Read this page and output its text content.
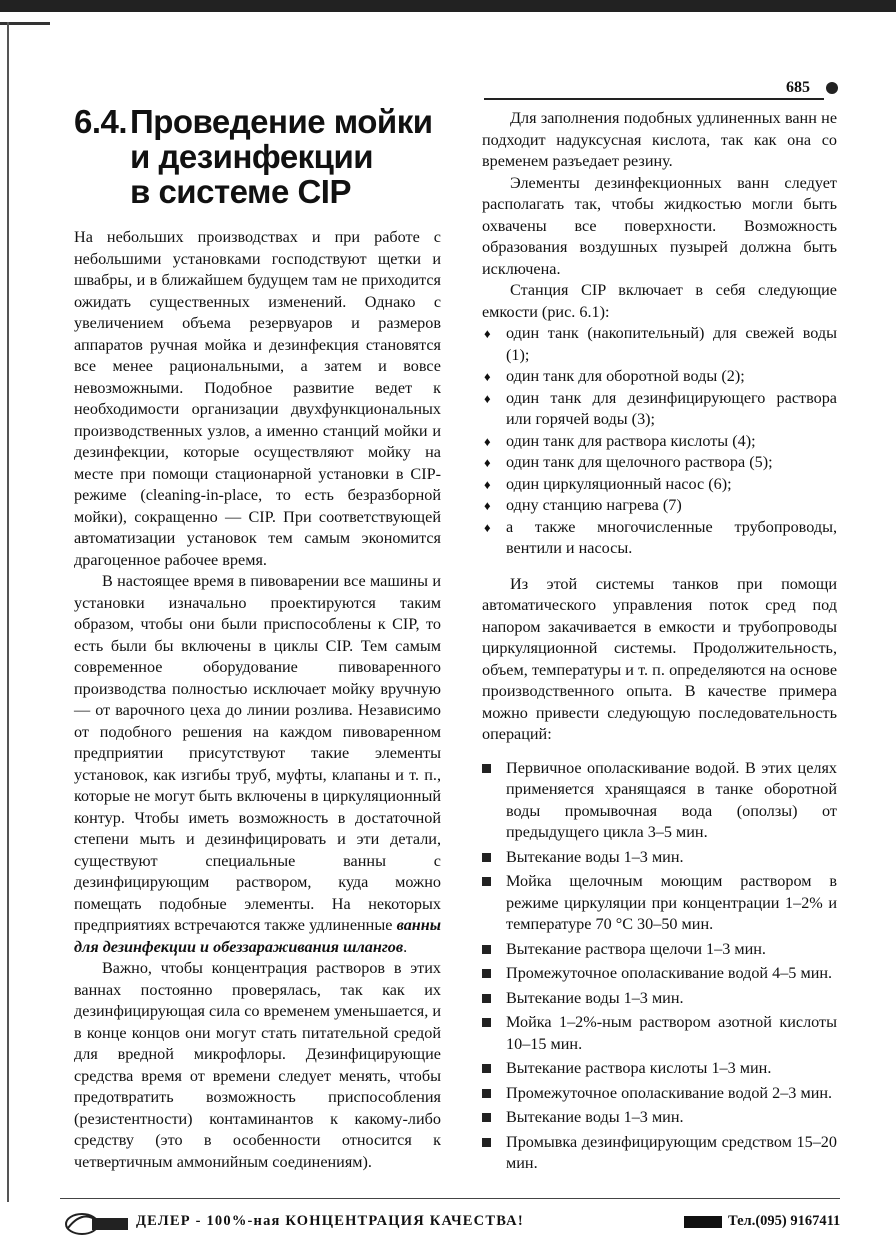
685
6.4.Проведение мойки
и дезинфекции
в системе CIP

На небольших производствах и при работе с небольшими установками господствуют щетки и швабры, и в ближайшем будущем там не приходится ожидать существенных изменений. Однако с увеличением объема резервуаров и размеров аппаратов ручная мойка и дезинфекция становятся все менее рациональными, а затем и вовсе невозможными. Подобное развитие ведет к необходимости организации двухфункциональных производственных узлов, а именно станций мойки и дезинфекции, которые осуществляют мойку на месте при помощи стационарной установки в CIP-режиме (cleaning-in-place, то есть безразборной мойки), сокращенно — CIP. При соответствующей автоматизации установок тем самым экономится драгоценное рабочее время.

В настоящее время в пивоварении все машины и установки изначально проектируются таким образом, чтобы они были приспособлены к CIP, то есть были бы включены в циклы CIP. Тем самым современное оборудование пивоваренного производства полностью исключает мойку вручную — от варочного цеха до линии розлива. Независимо от подобного решения на каждом пивоваренном предприятии присутствуют такие элементы установок, как изгибы труб, муфты, клапаны и т. п., которые не могут быть включены в циркуляционный контур. Чтобы иметь возможность в достаточной степени мыть и дезинфицировать и эти детали, существуют специальные ванны с дезинфицирующим раствором, куда можно помещать подобные элементы. На некоторых предприятиях встречаются также удлиненные ванны для дезинфекции и обеззараживания шлангов.

Важно, чтобы концентрация растворов в этих ваннах постоянно проверялась, так как их дезинфицирующая сила со временем уменьшается, и в конце концов они могут стать питательной средой для вредной микрофлоры. Дезинфицирующие средства время от времени следует менять, чтобы предотвратить возможность приспособления (резистентности) контаминантов к какому-либо средству (это в особенности относится к четвертичным аммонийным соединениям).

Для заполнения подобных удлиненных ванн не подходит надуксусная кислота, так как она со временем разъедает резину.

Элементы дезинфекционных ванн следует располагать так, чтобы жидкостью могли быть охвачены все поверхности. Возможность образования воздушных пузырей должна быть исключена.

Станция CIP включает в себя следующие емкости (рис. 6.1):

♦ один танк (накопительный) для свежей воды (1);
♦ один танк для оборотной воды (2);
♦ один танк для дезинфицирующего раствора или горячей воды (3);
♦ один танк для раствора кислоты (4);
♦ один танк для щелочного раствора (5);
♦ один циркуляционный насос (6);
♦ одну станцию нагрева (7)
♦ а также многочисленные трубопроводы, вентили и насосы.

Из этой системы танков при помощи автоматического управления поток сред под напором закачивается в емкости и трубопроводы циркуляционной системы. Продолжительность, объем, температуры и т. п. определяются на основе производственного опыта. В качестве примера можно привести следующую последовательность операций:

Первичное ополаскивание водой. В этих целях применяется хранящаяся в танке оборотной воды промывочная вода (оползы) от предыдущего цикла 3–5 мин.
Вытекание воды 1–3 мин.
Мойка щелочным моющим раствором в режиме циркуляции при концентрации 1–2% и температуре 70 °С 30–50 мин.
Вытекание раствора щелочи 1–3 мин.
Промежуточное ополаскивание водой 4–5 мин.
Вытекание воды 1–3 мин.
Мойка 1–2%-ным раствором азотной кислоты 10–15 мин.
Вытекание раствора кислоты 1–3 мин.
Промежуточное ополаскивание водой 2–3 мин.
Вытекание воды 1–3 мин.
Промывка дезинфицирующим средством 15–20 мин.
ДЕЛЕР - 100%-ная КОНЦЕНТРАЦИЯ КАЧЕСТВА!	Тел.(095) 9167411
